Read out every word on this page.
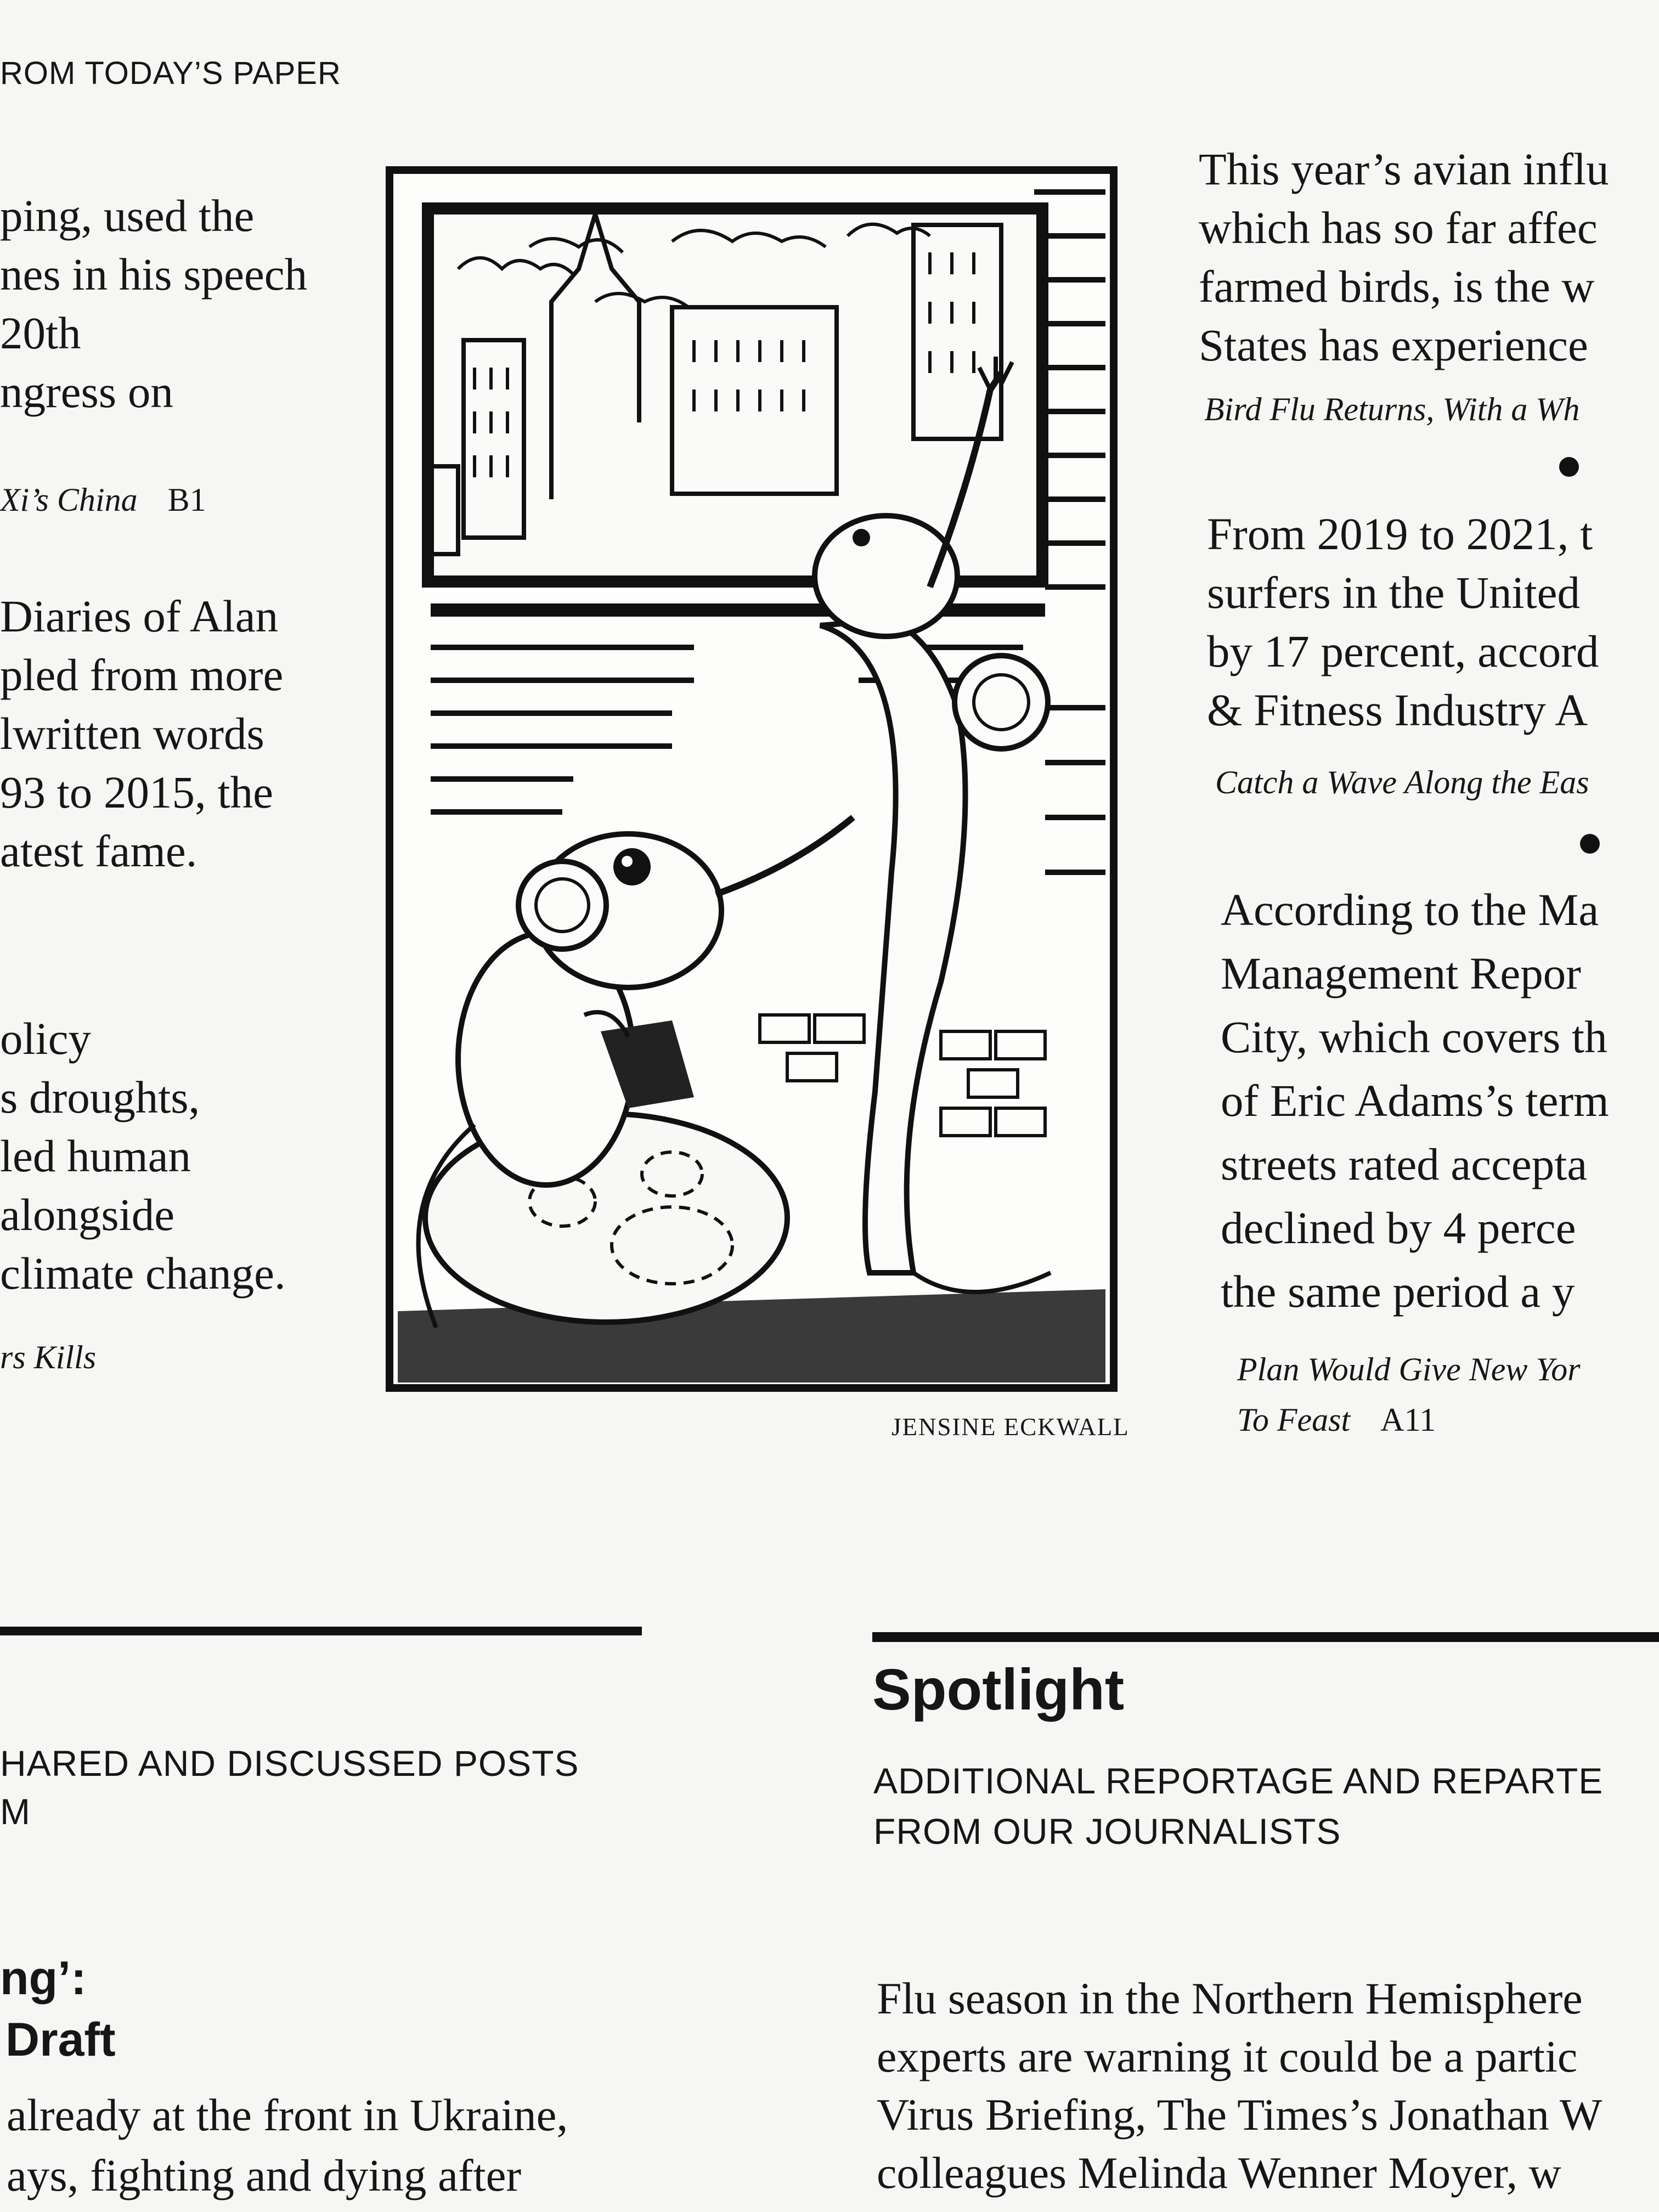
ROM TODAY’S PAPER
ping, used the
nes in his speech
20th
ngress on
Xi’s China B1
Diaries of Alan
pled from more
lwritten words
93 to 2015, the
atest fame.
olicy
s droughts,
led human
alongside
climate change.
rs Kills
JENSINE ECKWALL
This year’s avian influ
which has so far affec
farmed birds, is the w
States has experience
Bird Flu Returns, With a Wh
From 2019 to 2021, t
surfers in the United
by 17 percent, accord
& Fitness Industry A
Catch a Wave Along the Eas
According to the Ma
Management Repor
City, which covers th
of Eric Adams’s term
streets rated accepta
declined by 4 perce
the same period a y
Plan Would Give New Yor
To Feast A11
HARED AND DISCUSSED POSTS
M
ng’:
Draft
already at the front in Ukraine,
ays, fighting and dying after
Spotlight
ADDITIONAL REPORTAGE AND REPARTE
FROM OUR JOURNALISTS
Flu season in the Northern Hemisphere
experts are warning it could be a partic
Virus Briefing, The Times’s Jonathan W
colleagues Melinda Wenner Moyer, w
